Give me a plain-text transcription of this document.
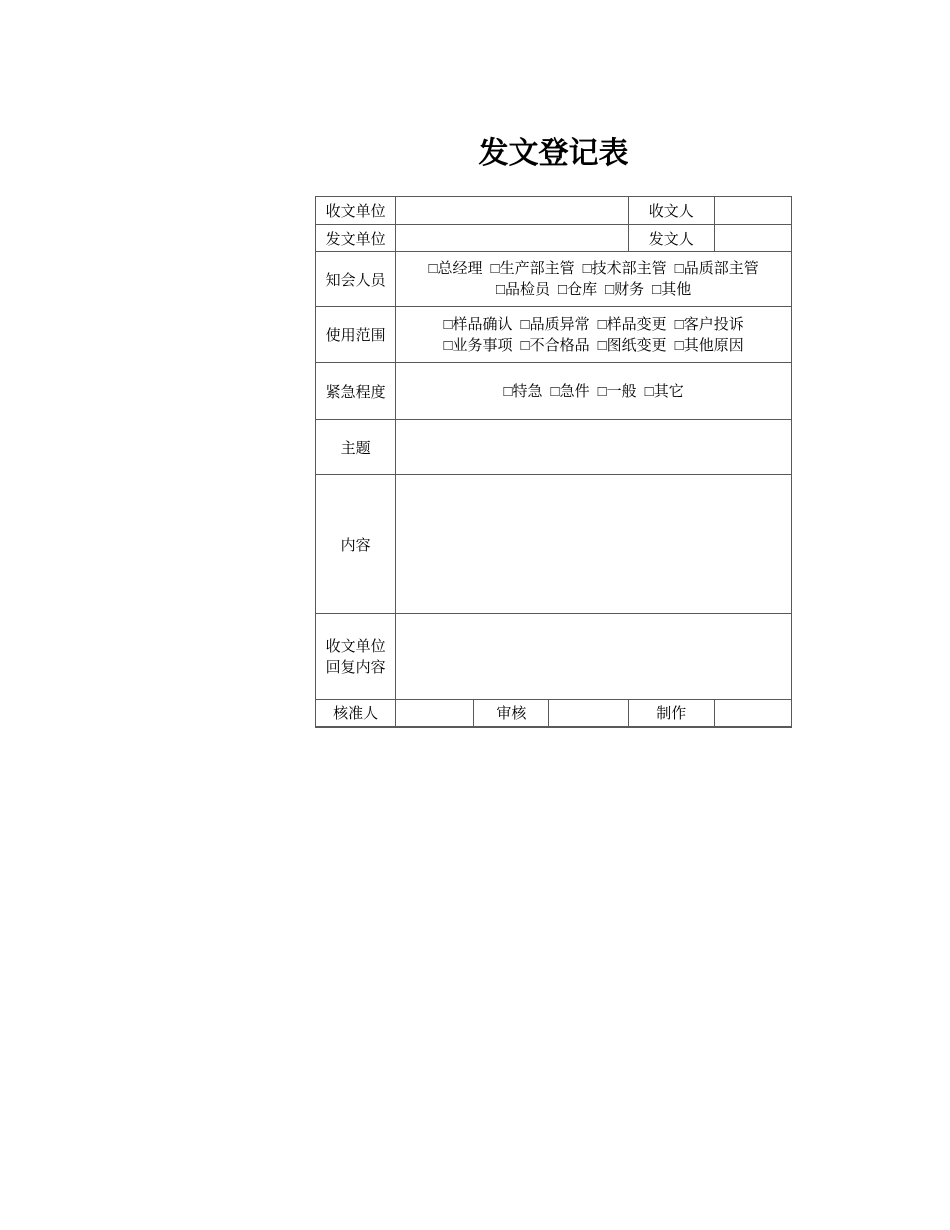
发文登记表
收文单位				收文人	
发文单位				发文人	
知会人员	□总经理 □生产部主管 □技术部主管 □品质部主管
□品检员 □仓库 □财务 □其他				

使用范围	□样品确认 □品质异常 □样品变更 □客户投诉
□业务事项 □不合格品 □图纸变更 □其他原因				

紧急程度	□特急 □急件 □一般 □其它				

主题					
内容					

收文单位
回复内容					

核准人		审核		制作	
